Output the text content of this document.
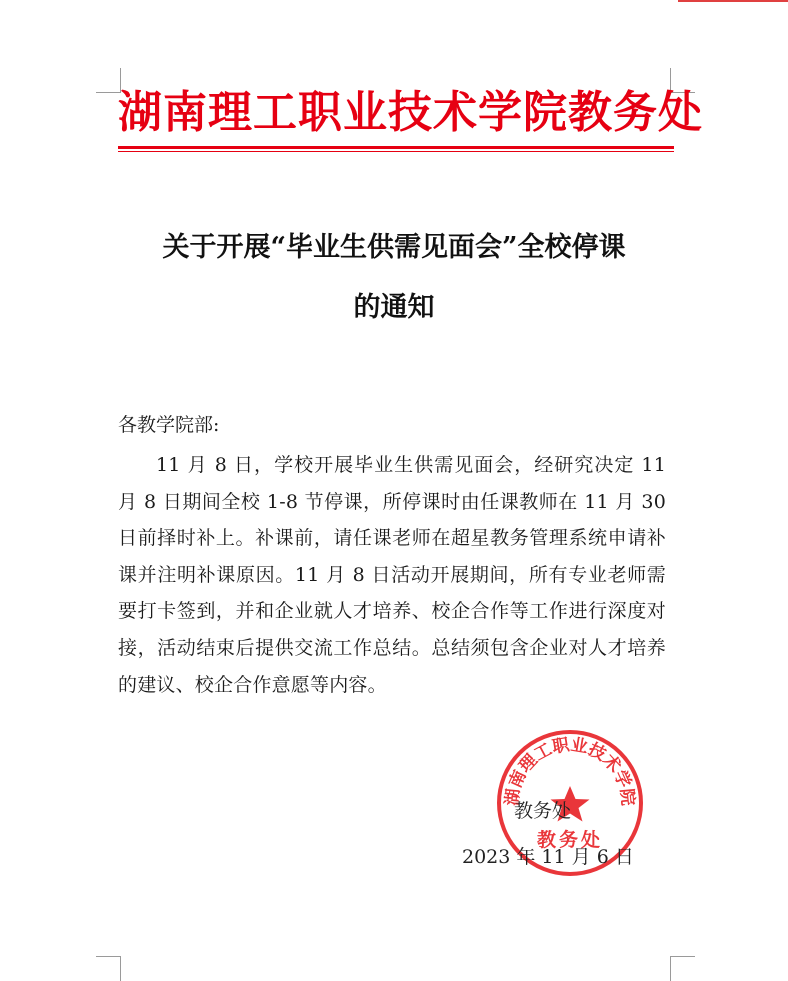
湖南理工职业技术学院教务处
关于开展“毕业生供需见面会”全校停课
的通知
各教学院部:
11 月 8 日，学校开展毕业生供需见面会，经研究决定 11 月 8 日期间全校 1-8 节停课，所停课时由任课教师在 11 月 30 日前择时补上。补课前，请任课老师在超星教务管理系统申请补课并注明补课原因。11 月 8 日活动开展期间，所有专业老师需要打卡签到，并和企业就人才培养、校企合作等工作进行深度对接，活动结束后提供交流工作总结。总结须包含企业对人才培养的建议、校企合作意愿等内容。
湖南理工职业技术学院
教务处
教务处
2023 年 11 月 6 日
